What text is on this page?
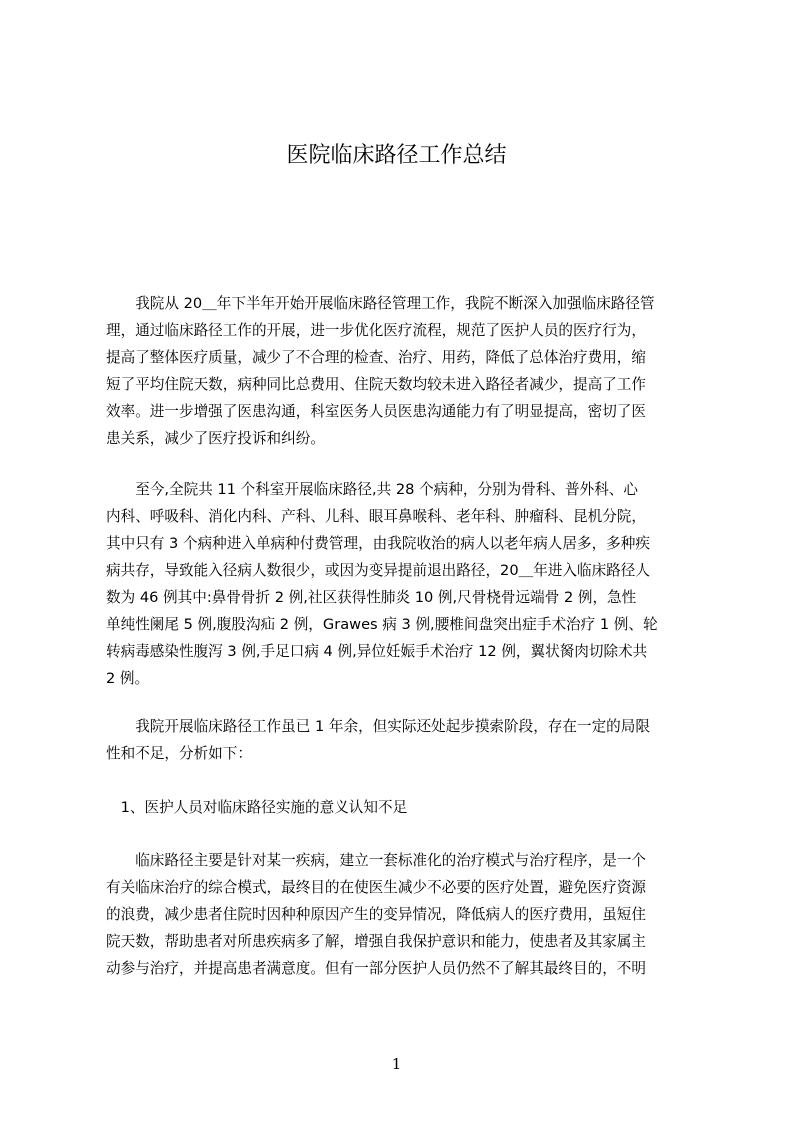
医院临床路径工作总结
　　我院从 20＿年下半年开始开展临床路径管理工作，我院不断深入加强临床路径管
理，通过临床路径工作的开展，进一步优化医疗流程，规范了医护人员的医疗行为，
提高了整体医疗质量，减少了不合理的检查、治疗、用药，降低了总体治疗费用，缩
短了平均住院天数，病种同比总费用、住院天数均较未进入路径者减少，提高了工作
效率。进一步增强了医患沟通，科室医务人员医患沟通能力有了明显提高，密切了医
患关系，减少了医疗投诉和纠纷。
　　至今,全院共 11 个科室开展临床路径,共 28 个病种，分别为骨科、普外科、心
内科、呼吸科、消化内科、产科、儿科、眼耳鼻喉科、老年科、肿瘤科、昆机分院，
其中只有 3 个病种进入单病种付费管理，由我院收治的病人以老年病人居多，多种疾
病共存，导致能入径病人数很少，或因为变异提前退出路径，20＿年进入临床路径人
数为 46 例其中:鼻骨骨折 2 例,社区获得性肺炎 10 例,尺骨桡骨远端骨 2 例，急性
单纯性阑尾 5 例,腹股沟疝 2 例，Grawes 病 3 例,腰椎间盘突出症手术治疗 1 例、轮
转病毒感染性腹泻 3 例,手足口病 4 例,异位妊娠手术治疗 12 例，翼状胬肉切除术共
2 例。
　　我院开展临床路径工作虽已 1 年余，但实际还处起步摸索阶段，存在一定的局限
性和不足，分析如下：
　1、医护人员对临床路径实施的意义认知不足
　　临床路径主要是针对某一疾病，建立一套标准化的治疗模式与治疗程序，是一个
有关临床治疗的综合模式，最终目的在使医生减少不必要的医疗处置，避免医疗资源
的浪费，减少患者住院时因种种原因产生的变异情况，降低病人的医疗费用，虽短住
院天数，帮助患者对所患疾病多了解，增强自我保护意识和能力，使患者及其家属主
动参与治疗，并提高患者满意度。但有一部分医护人员仍然不了解其最终目的，不明
1
